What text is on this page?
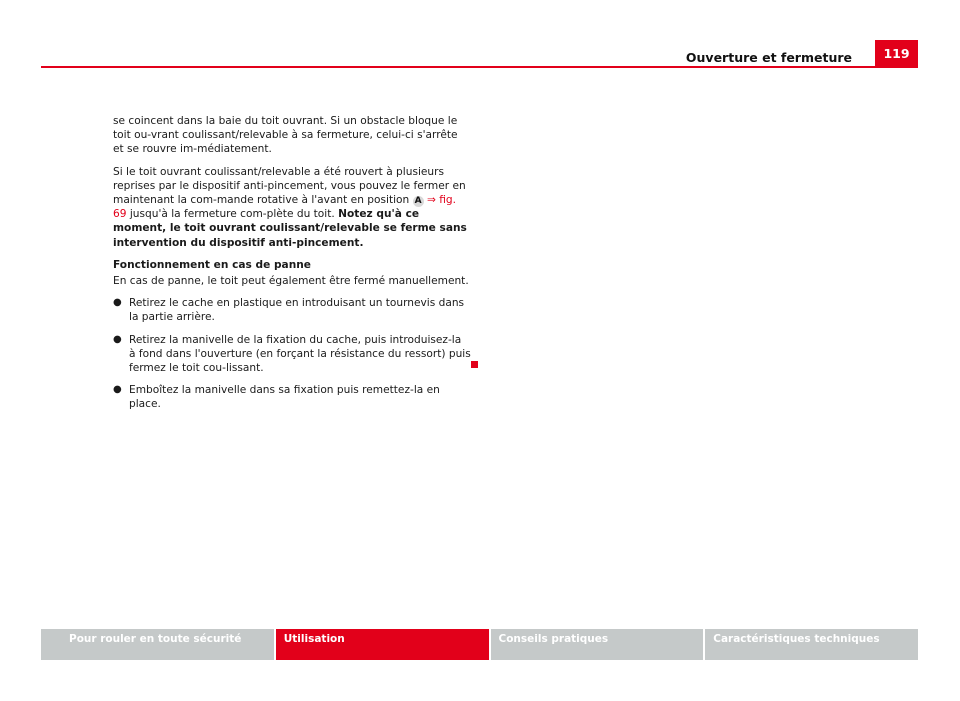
Ouverture et fermeture	119

se coincent dans la baie du toit ouvrant. Si un obstacle bloque le toit ou-vrant coulissant/relevable à sa fermeture, celui-ci s'arrête et se rouvre im-médiatement.

Si le toit ouvrant coulissant/relevable a été rouvert à plusieurs reprises par le dispositif anti-pincement, vous pouvez le fermer en maintenant la com-mande rotative à l'avant en position A ⇒ fig. 69 jusqu'à la fermeture com-plète du toit. Notez qu'à ce moment, le toit ouvrant coulissant/relevable se ferme sans intervention du dispositif anti-pincement.

Fonctionnement en cas de panne

En cas de panne, le toit peut également être fermé manuellement.

● Retirez le cache en plastique en introduisant un tournevis dans la partie arrière.

● Retirez la manivelle de la fixation du cache, puis introduisez-la à fond dans l'ouverture (en forçant la résistance du ressort) puis fermez le toit cou-lissant.

● Emboîtez la manivelle dans sa fixation puis remettez-la en place.

Pour rouler en toute sécurité	Utilisation	Conseils pratiques	Caractéristiques techniques
